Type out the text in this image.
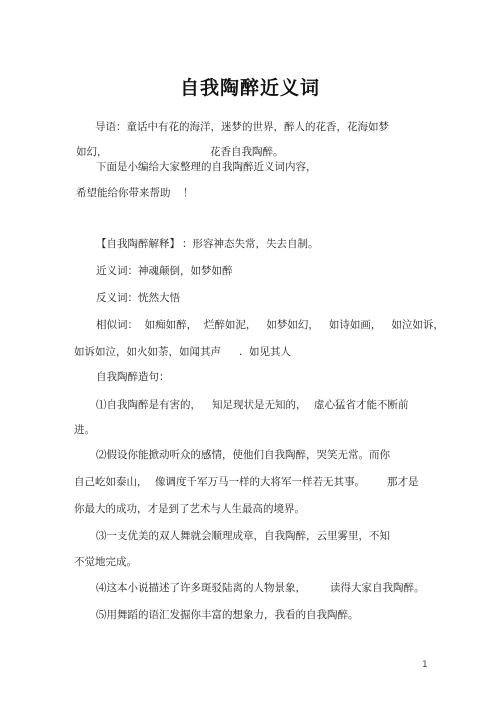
自我陶醉近义词
导语：童话中有花的海洋，迷梦的世界，醉人的花香，花海如梦
如幻，	花香自我陶醉。
下面是小编给大家整理的自我陶醉近义词内容，
希望能给你带来帮助 ！
【自我陶醉解释】 ：形容神态失常，失去自制。
近义词：神魂颠倒，如梦如醉
反义词：恍然大悟
相似词：  如痴如醉，  烂醉如泥，   如梦如幻，   如诗如画，   如泣如诉，
如诉如泣，如火如荼，如闻其声 . 如见其人
自我陶醉造句：
⑴自我陶醉是有害的， 知足现状是无知的， 虚心猛省才能不断前
进。
⑵假设你能掀动听众的感情，使他们自我陶醉，哭笑无常。而你
自己屹如泰山， 像调度千军万马一样的大将军一样若无其事。 那才是
你最大的成功，才是到了艺术与人生最高的境界。
⑶一支优美的双人舞就会顺理成章，自我陶醉，云里雾里，不知
不觉地完成。
⑷这本小说描述了许多斑驳陆离的人物景象， 读得大家自我陶醉。
⑸用舞蹈的语汇发掘你丰富的想象力，我看的自我陶醉。
1
